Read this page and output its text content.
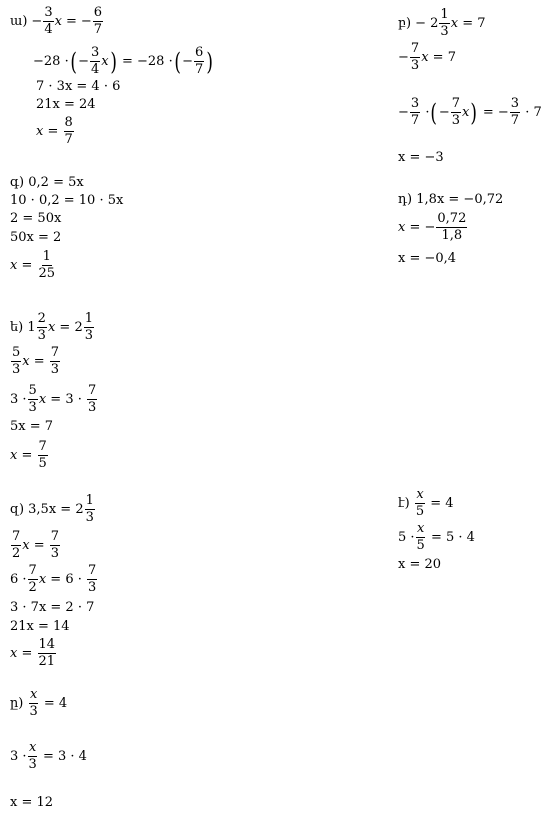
ա) − $\frac{3}{4}$ x = − $\frac{6}{7}$
−28 · ( − $\frac{3}{4}$ x ) = −28 · ( − $\frac{6}{7}$ )
7 · 3x = 4 · 6
21x = 24
$x = \frac{8}{7}$
բ) − $2 \frac{1}{3}$ x
= 7
− $\frac{7}{3}$ x
= 7
− $\frac{3}{7}$ · ( − $\frac{7}{3}$ x ) = − $\frac{3}{7}$
· 7
x = −3
գ)
0,2 = 5x
10 · 0,2 = 10 · 5x
2 = 50x
50x = 2
$x = \frac{1}{25}$
դ)
1,8x = −0,72
x = − $\frac{0,72}{1,8}$
x = −0,4
ե)
$1 \frac{2}{3}$ $x = 2 \frac{1}{3}$
$\frac{5}{3}$ $x = \frac{7}{3}$
$3 \cdot \frac{5}{3}$ $x = 3 \cdot \frac{7}{3}$
5x = 7
$x = \frac{7}{5}$
զ)
$3,5x = 2 \frac{1}{3}$
$\frac{7}{2}$ $x = \frac{7}{3}$
$6 \cdot \frac{7}{2}$ $x = 6 \cdot \frac{7}{3}$
3 · 7x = 2 · 7
21x = 14
$x = \frac{14}{21}$
է)
$\frac{x}{5}$
= 4
$5 \cdot \frac{x}{5}$
= 5 · 4
x = 20
ը)
$\frac{x}{3}$
= 4
$3 \cdot \frac{x}{3}$
= 3 · 4
x = 12
